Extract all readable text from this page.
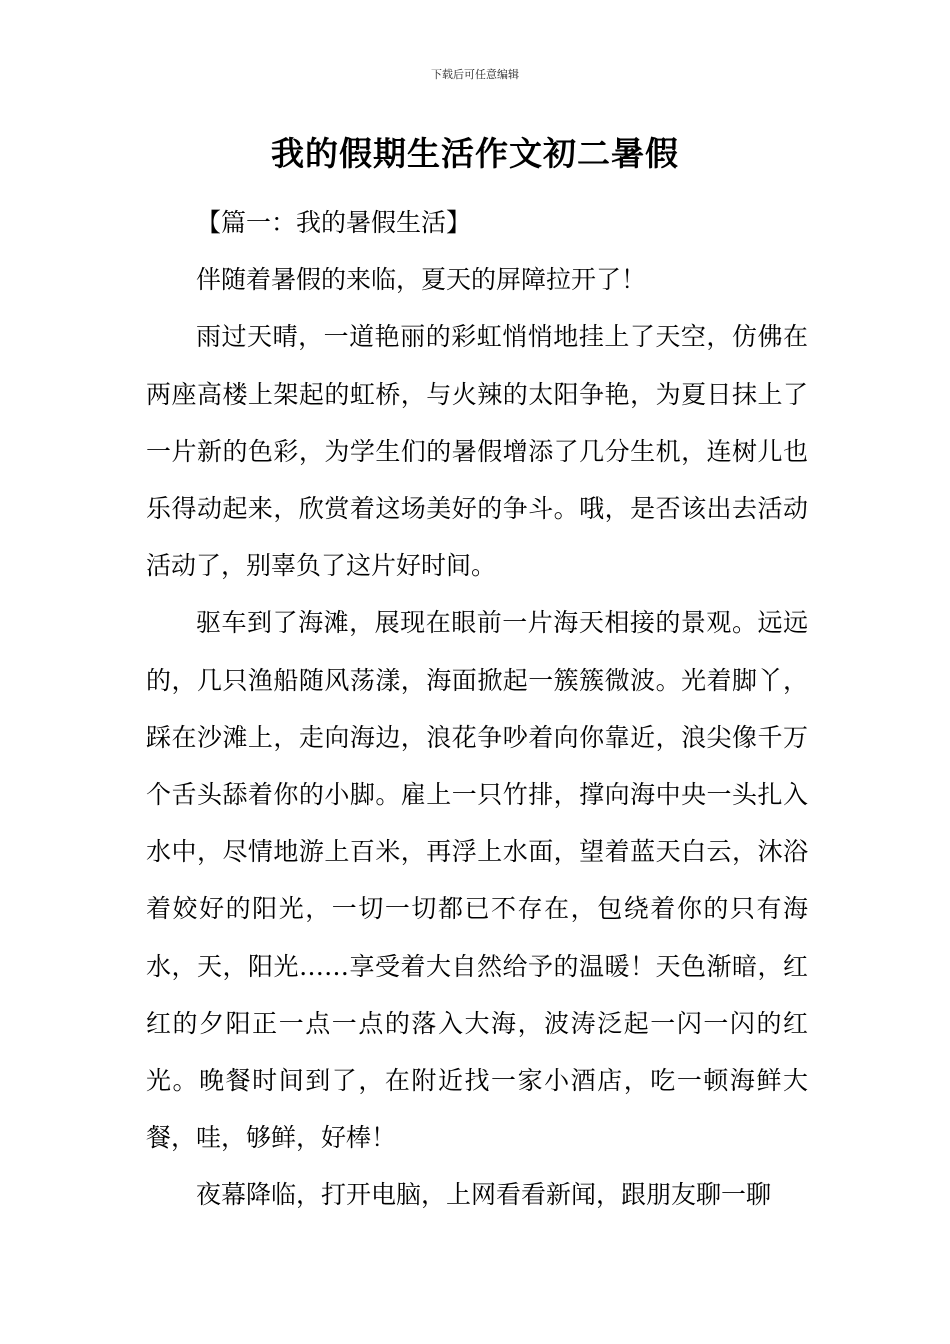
下载后可任意编辑
我的假期生活作文初二暑假

【篇一：我的暑假生活】

伴随着暑假的来临，夏天的屏障拉开了！

雨过天晴，一道艳丽的彩虹悄悄地挂上了天空，仿佛在两座高楼上架起的虹桥，与火辣的太阳争艳，为夏日抹上了一片新的色彩，为学生们的暑假增添了几分生机，连树儿也乐得动起来，欣赏着这场美好的争斗。哦，是否该出去活动活动了，别辜负了这片好时间。

驱车到了海滩，展现在眼前一片海天相接的景观。远远的，几只渔船随风荡漾，海面掀起一簇簇微波。光着脚丫，踩在沙滩上，走向海边，浪花争吵着向你靠近，浪尖像千万个舌头舔着你的小脚。雇上一只竹排，撑向海中央一头扎入水中，尽情地游上百米，再浮上水面，望着蓝天白云，沐浴着姣好的阳光，一切一切都已不存在，包绕着你的只有海水，天，阳光……享受着大自然给予的温暖！天色渐暗，红红的夕阳正一点一点的落入大海，波涛泛起一闪一闪的红光。晚餐时间到了，在附近找一家小酒店，吃一顿海鲜大餐，哇，够鲜，好棒！

夜幕降临，打开电脑，上网看看新闻，跟朋友聊一聊
